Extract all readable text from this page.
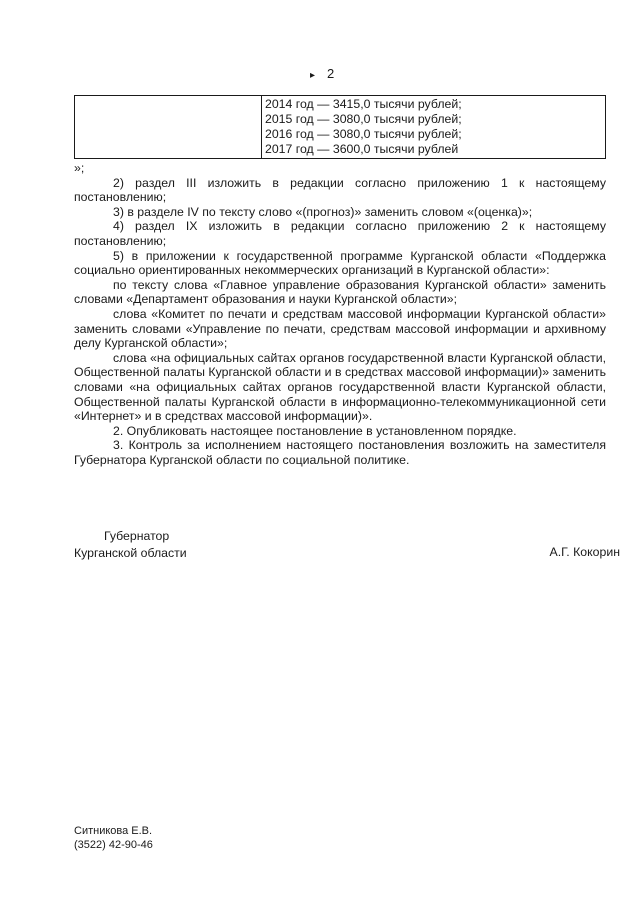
▸ 2

2014 год — 3415,0 тысячи рублей;
2015 год — 3080,0 тысячи рублей;
2016 год — 3080,0 тысячи рублей;
2017 год — 3600,0 тысячи рублей

»;

2) раздел III изложить в редакции согласно приложению 1 к настоящему постановлению;

3) в разделе IV по тексту слово «(прогноз)» заменить словом «(оценка)»;

4) раздел IX изложить в редакции согласно приложению 2 к настоящему постановлению;

5) в приложении к государственной программе Курганской области «Поддержка социально ориентированных некоммерческих организаций в Курганской области»:

по тексту слова «Главное управление образования Курганской области» заменить словами «Департамент образования и науки Курганской области»;

слова «Комитет по печати и средствам массовой информации Курганской области» заменить словами «Управление по печати, средствам массовой информации и архивному делу Курганской области»;

слова «на официальных сайтах органов государственной власти Курганской области, Общественной палаты Курганской области и в средствах массовой информации)» заменить словами «на официальных сайтах органов государственной власти Курганской области, Общественной палаты Курганской области в информационно-телекоммуникационной сети «Интернет» и в средствах массовой информации)».

2. Опубликовать настоящее постановление в установленном порядке.

3. Контроль за исполнением настоящего постановления возложить на заместителя Губернатора Курганской области по социальной политике.

Губернатор
Курганской области	А.Г. Кокорин
Ситникова Е.В.
(3522) 42-90-46
